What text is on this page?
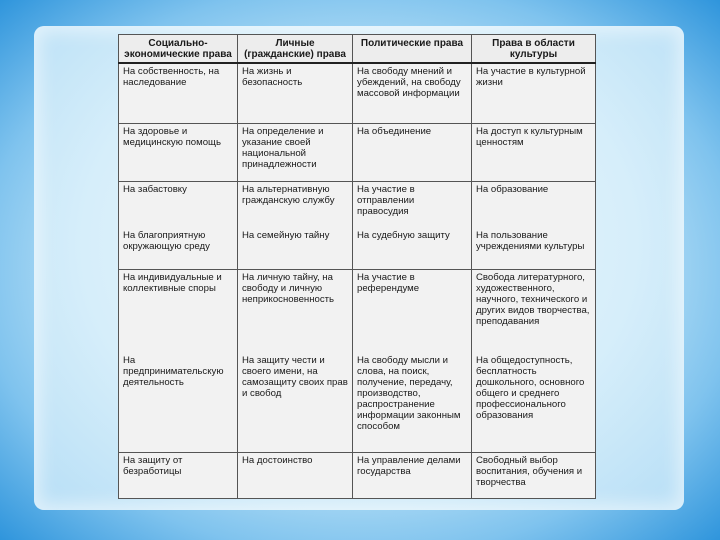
Социально-экономические права	Личные (гражданские) права	Политические права	Права в области культуры
На собственность, на наследование	На жизнь и безопасность	На свободу мнений и убеждений, на свободу массовой информации	На участие в культурной жизни
На здоровье и медицинскую помощь	На определение и указание своей национальной принадлежности	На объединение	На доступ к культурным ценностям
На забастовку	На альтернативную гражданскую службу	На участие в отправлении правосудия	На образование
На благоприятную окружающую среду	На семейную тайну	На судебную защиту	На пользование учреждениями культуры
На индивидуальные и коллективные споры	На личную тайну, на свободу и личную неприкосновенность	На участие в референдуме	Свобода литературного, художественного, научного, технического и других видов творчества, преподавания
На предпринимательскую деятельность	На защиту чести и своего имени, на самозащиту своих прав и свобод	На свободу мысли и слова, на поиск, получение, передачу, производство, распространение информации законным способом	На общедоступность, бесплатность дошкольного, основного общего и среднего профессионального образования
На защиту от безработицы	На достоинство	На управление делами государства	Свободный выбор воспитания, обучения и творчества
